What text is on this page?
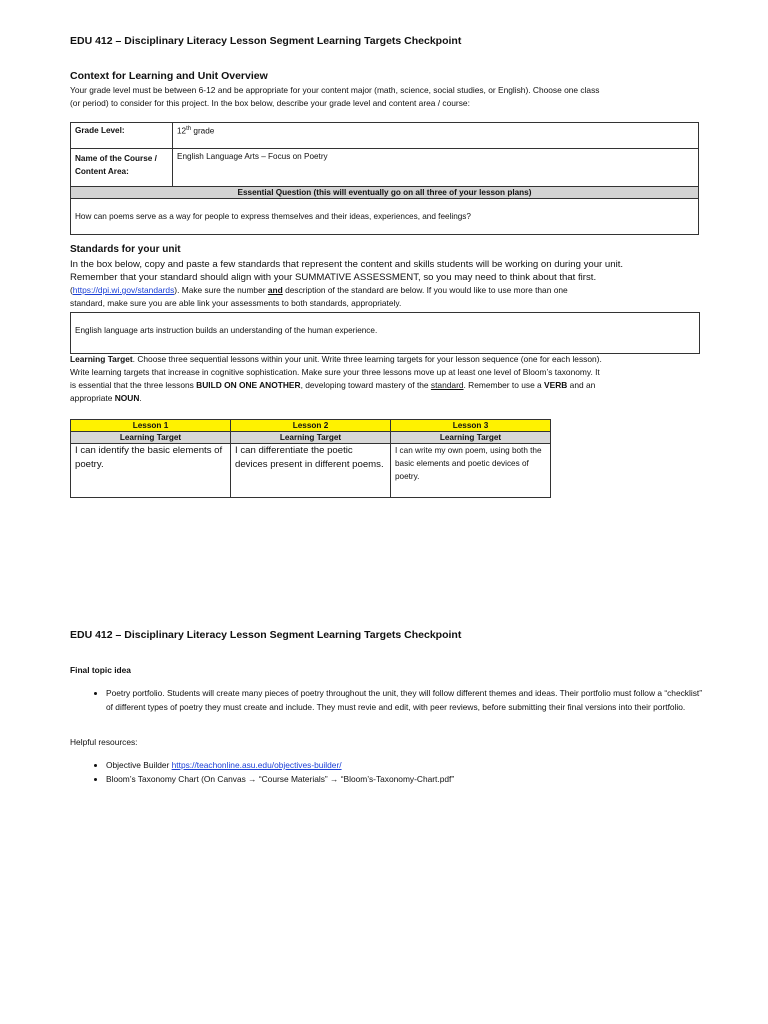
EDU 412 – Disciplinary Literacy Lesson Segment Learning Targets Checkpoint
Context for Learning and Unit Overview
Your grade level must be between 6-12 and be appropriate for your content major (math, science, social studies, or English). Choose one class
(or period) to consider for this project. In the box below, describe your grade level and content area / course:
Grade Level:	12th grade
Name of the Course / Content Area:	English Language Arts – Focus on Poetry
Essential Question (this will eventually go on all three of your lesson plans)	
How can poems serve as a way for people to express themselves and their ideas, experiences, and feelings?	
Standards for your unit
In the box below, copy and paste a few standards that represent the content and skills students will be working on during your unit.
Remember that your standard should align with your SUMMATIVE ASSESSMENT, so you may need to think about that first.
(https://dpi.wi.gov/standards). Make sure the number and description of the standard are below. If you would like to use more than one
standard, make sure you are able link your assessments to both standards, appropriately.
English language arts instruction builds an understanding of the human experience.
Learning Target. Choose three sequential lessons within your unit. Write three learning targets for your lesson sequence (one for each lesson).
Write learning targets that increase in cognitive sophistication. Make sure your three lessons move up at least one level of Bloom’s taxonomy. It
is essential that the three lessons BUILD ON ONE ANOTHER, developing toward mastery of the standard. Remember to use a VERB and an
appropriate NOUN.
Lesson 1	Lesson 2	Lesson 3
Learning Target	Learning Target	Learning Target
I can identify the basic elements of poetry.	I can differentiate the poetic devices present in different poems.	I can write my own poem, using both the basic elements and poetic devices of poetry.
EDU 412 – Disciplinary Literacy Lesson Segment Learning Targets Checkpoint
Final topic idea
• Poetry portfolio. Students will create many pieces of poetry throughout the unit, they will follow different themes and ideas. Their portfolio must follow a “checklist” of different types of poetry they must create and include. They must revie and edit, with peer reviews, before submitting their final versions into their portfolio.
Helpful resources:
• Objective Builder https://teachonline.asu.edu/objectives-builder/
• Bloom’s Taxonomy Chart (On Canvas → “Course Materials” → “Bloom’s-Taxonomy-Chart.pdf”
